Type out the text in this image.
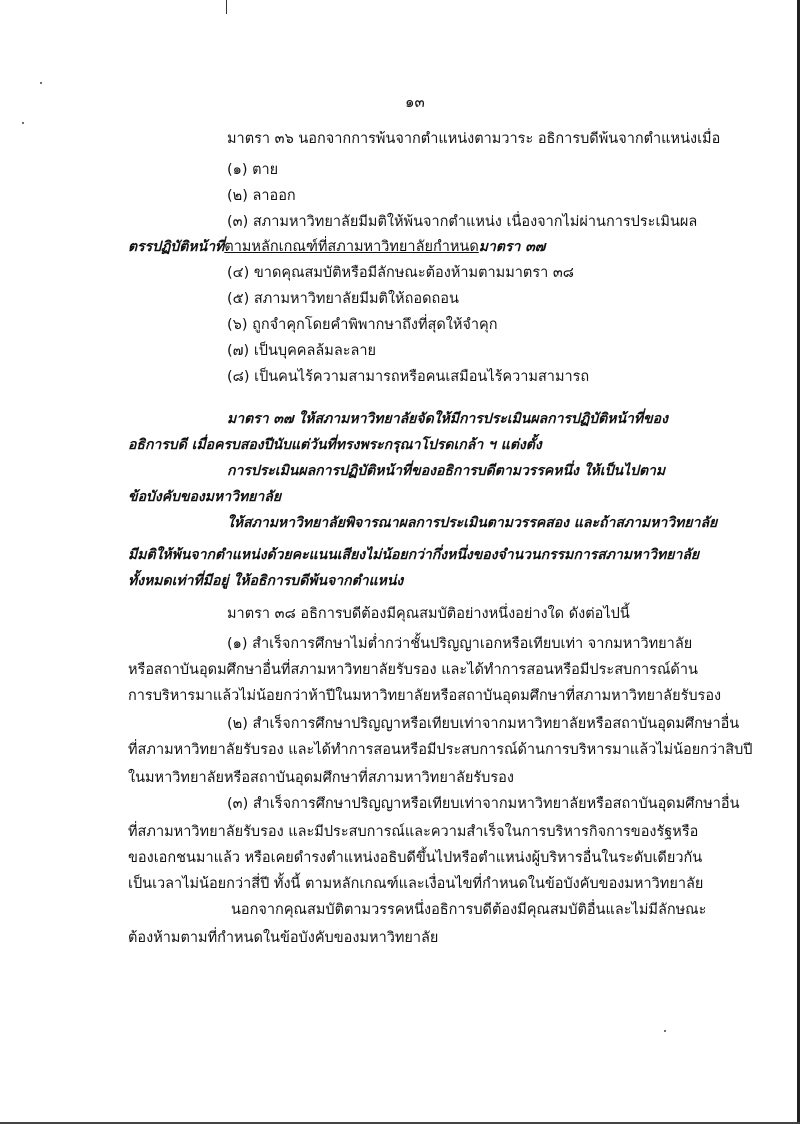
๑๓
มาตรา ๓๖ นอกจากการพ้นจากตำแหน่งตามวาระ อธิการบดีพ้นจากตำแหน่งเมื่อ
(๑) ตาย
(๒) ลาออก
(๓) สภามหาวิทยาลัยมีมติให้พ้นจากตำแหน่ง เนื่องจากไม่ผ่านการประเมินผล
ตรรปฏิบัติหน้าที่ตามหลักเกณฑ์ที่สภามหาวิทยาลัยกำหนดมาตรา ๓๗
(๔) ขาดคุณสมบัติหรือมีลักษณะต้องห้ามตามมาตรา ๓๘
(๕) สภามหาวิทยาลัยมีมติให้ถอดถอน
(๖) ถูกจำคุกโดยคำพิพากษาถึงที่สุดให้จำคุก
(๗) เป็นบุคคลล้มละลาย
(๘) เป็นคนไร้ความสามารถหรือคนเสมือนไร้ความสามารถ
มาตรา ๓๗ ให้สภามหาวิทยาลัยจัดให้มีการประเมินผลการปฏิบัติหน้าที่ของ
อธิการบดี เมื่อครบสองปีนับแต่วันที่ทรงพระกรุณาโปรดเกล้า ฯ แต่งตั้ง
การประเมินผลการปฏิบัติหน้าที่ของอธิการบดีตามวรรคหนึ่ง ให้เป็นไปตาม
ข้อบังคับของมหาวิทยาลัย
ให้สภามหาวิทยาลัยพิจารณาผลการประเมินตามวรรคสอง และถ้าสภามหาวิทยาลัย
มีมติให้พ้นจากตำแหน่งด้วยคะแนนเสียงไม่น้อยกว่ากึ่งหนึ่งของจำนวนกรรมการสภามหาวิทยาลัย
ทั้งหมดเท่าที่มีอยู่ ให้อธิการบดีพ้นจากตำแหน่ง
มาตรา ๓๘ อธิการบดีต้องมีคุณสมบัติอย่างหนึ่งอย่างใด ดังต่อไปนี้
(๑) สำเร็จการศึกษาไม่ต่ำกว่าชั้นปริญญาเอกหรือเทียบเท่า จากมหาวิทยาลัย
หรือสถาบันอุดมศึกษาอื่นที่สภามหาวิทยาลัยรับรอง และได้ทำการสอนหรือมีประสบการณ์ด้าน
การบริหารมาแล้วไม่น้อยกว่าห้าปีในมหาวิทยาลัยหรือสถาบันอุดมศึกษาที่สภามหาวิทยาลัยรับรอง
(๒) สำเร็จการศึกษาปริญญาหรือเทียบเท่าจากมหาวิทยาลัยหรือสถาบันอุดมศึกษาอื่น
ที่สภามหาวิทยาลัยรับรอง และได้ทำการสอนหรือมีประสบการณ์ด้านการบริหารมาแล้วไม่น้อยกว่าสิบปี
ในมหาวิทยาลัยหรือสถาบันอุดมศึกษาที่สภามหาวิทยาลัยรับรอง
(๓) สำเร็จการศึกษาปริญญาหรือเทียบเท่าจากมหาวิทยาลัยหรือสถาบันอุดมศึกษาอื่น
ที่สภามหาวิทยาลัยรับรอง และมีประสบการณ์และความสำเร็จในการบริหารกิจการของรัฐหรือ
ของเอกชนมาแล้ว หรือเคยดำรงตำแหน่งอธิบดีขึ้นไปหรือตำแหน่งผู้บริหารอื่นในระดับเดียวกัน
เป็นเวลาไม่น้อยกว่าสี่ปี ทั้งนี้ ตามหลักเกณฑ์และเงื่อนไขที่กำหนดในข้อบังคับของมหาวิทยาลัย
นอกจากคุณสมบัติตามวรรคหนึ่งอธิการบดีต้องมีคุณสมบัติอื่นและไม่มีลักษณะ
ต้องห้ามตามที่กำหนดในข้อบังคับของมหาวิทยาลัย
